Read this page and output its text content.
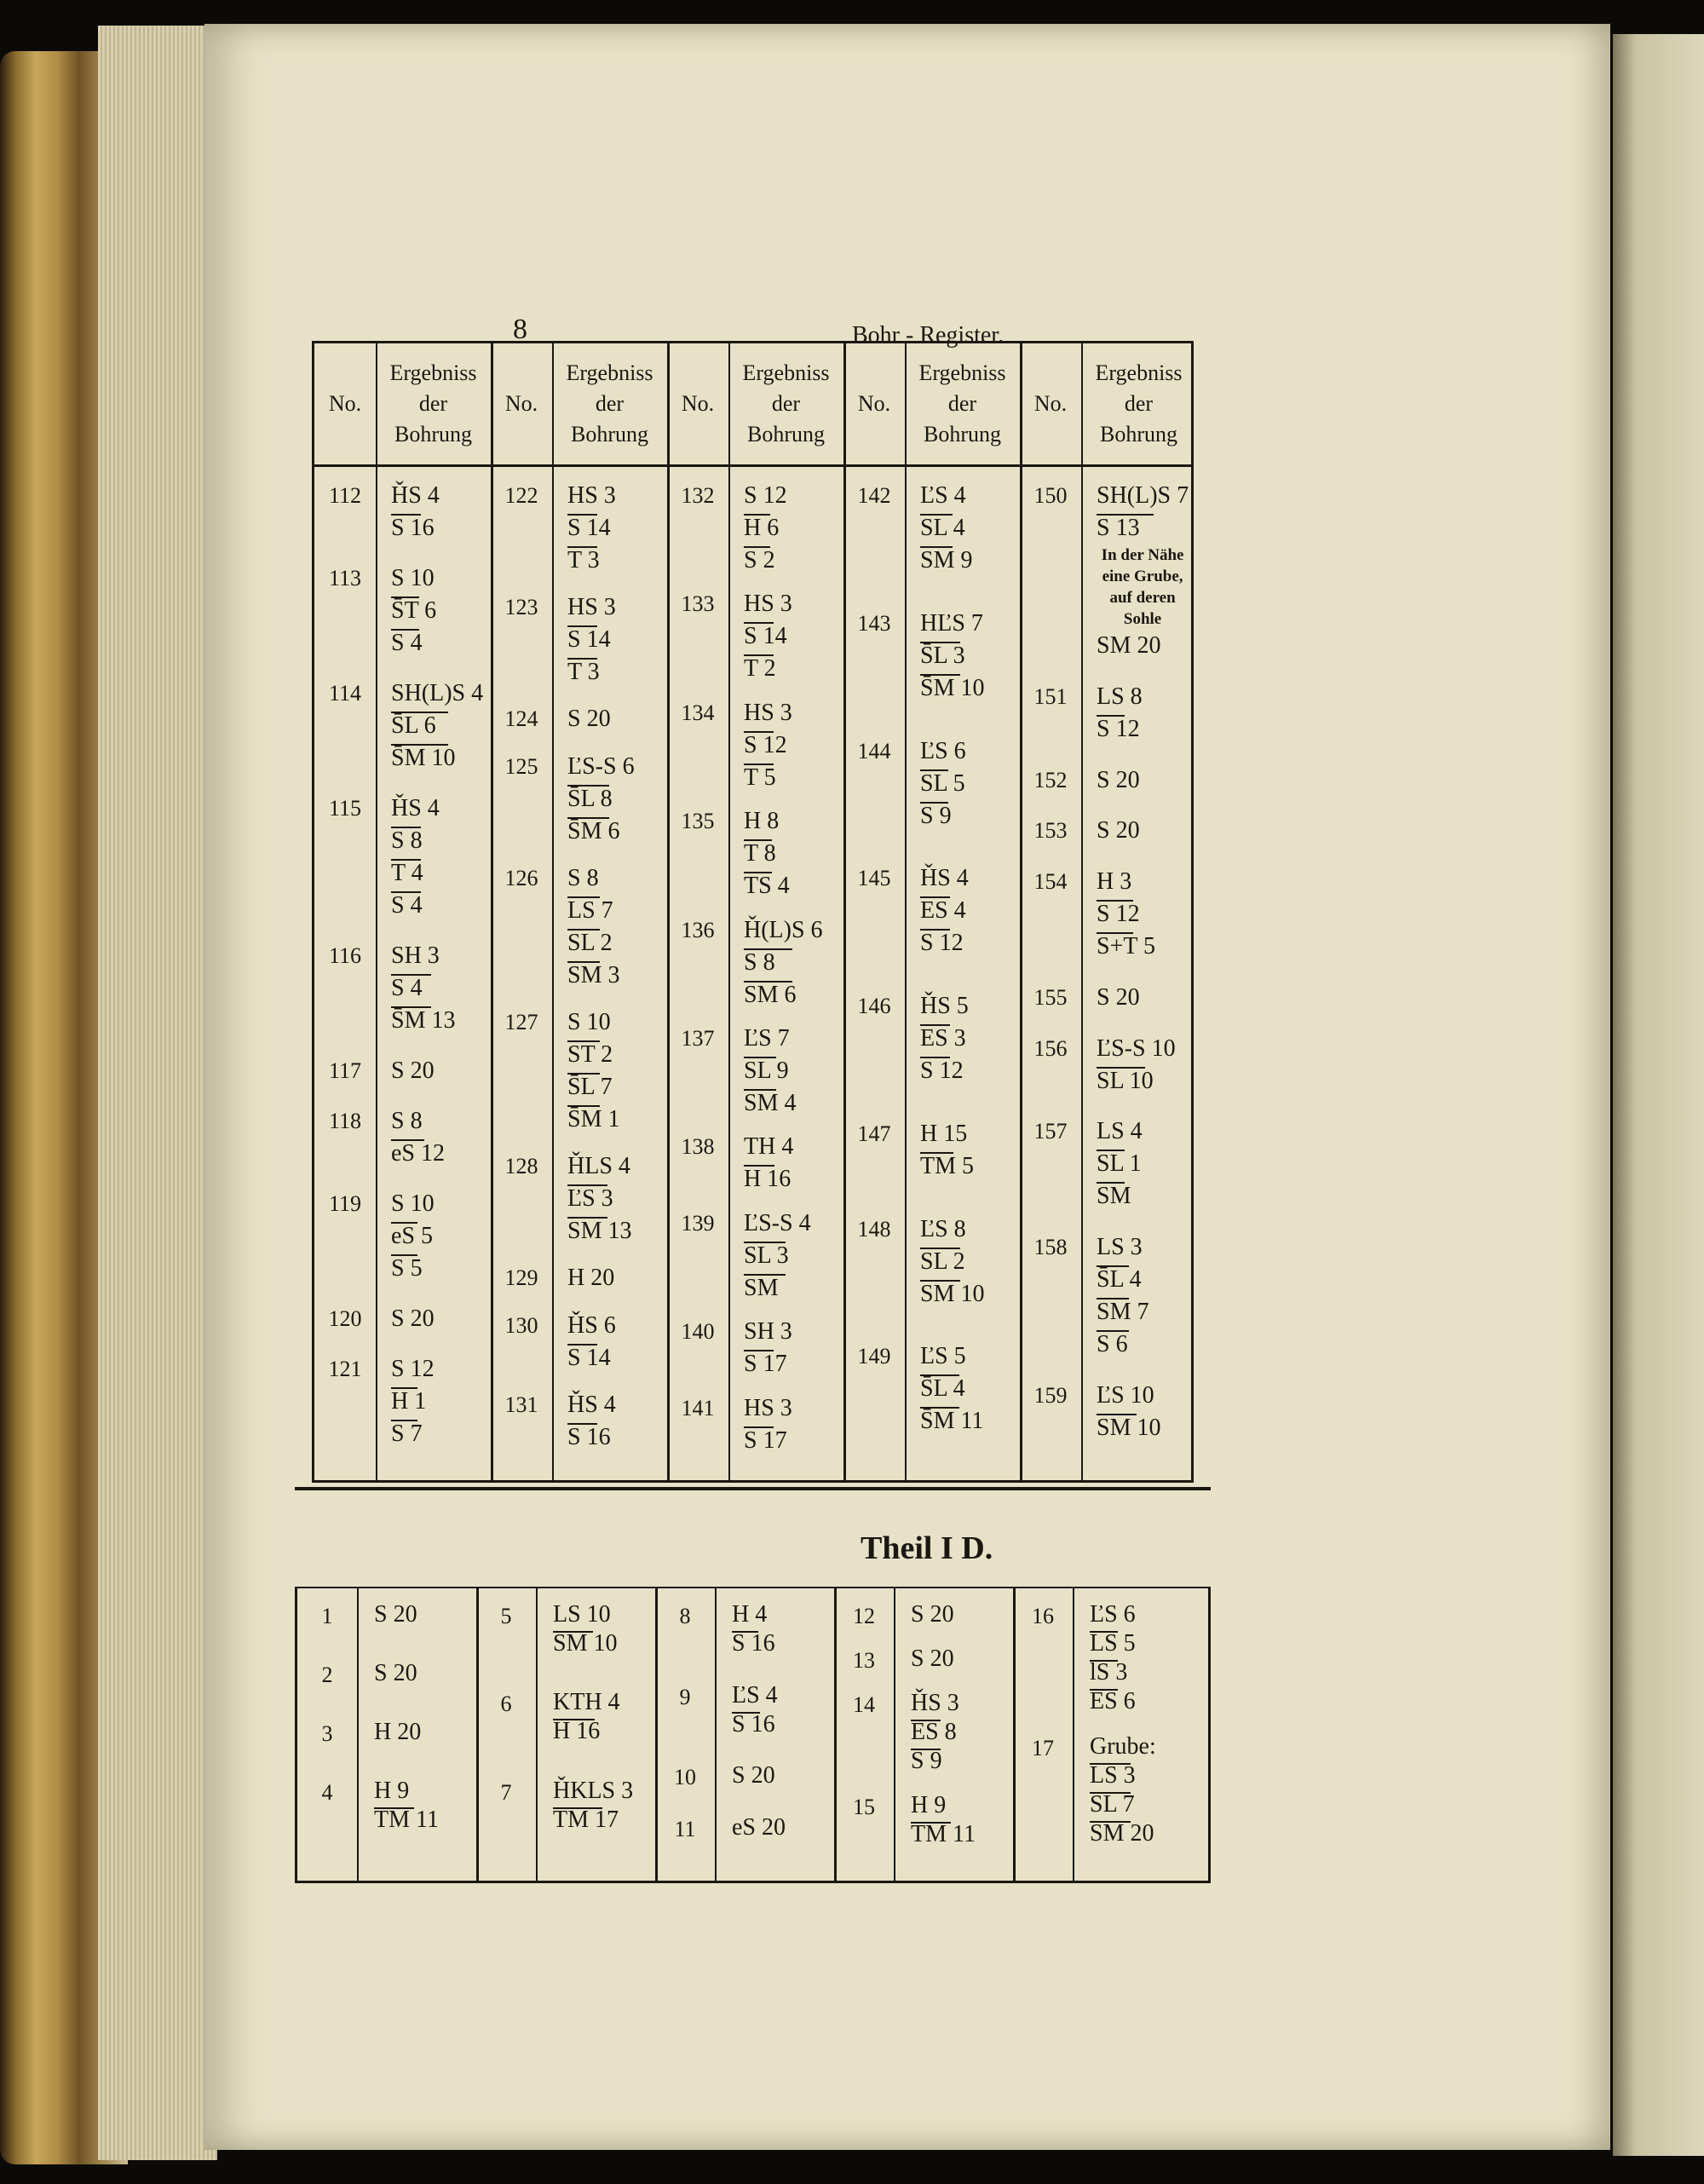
8	Bohr - Register.
No.
Ergebniss
der
Bohrung
No.
Ergebniss
der
Bohrung
No.
Ergebniss
der
Bohrung
No.
Ergebniss
der
Bohrung
No.
Ergebniss
der
Bohrung
112	ȞS 4
S 16
113	S 10
S̄T 6
S 4
114	SH(L)S 4
S̄L 6
S̄M 10
115	ȞS 4
S 8
T 4
S 4
116	SH 3
S 4
S̄M 13
117	S 20
118	S 8
eS 12
119	S 10
eS 5
S 5
120	S 20
121	S 12
H 1
S 7
122	HS 3
S 14
T 3
123	HS 3
S 14
T 3
124	S 20
125	ĽS-S 6
S̄L 8
S̄M 6
126	S 8
LS 7
SL 2
SM 3
127	S 10
ST 2
S̄L 7
S̄M 1
128	ȞLS 4
ĽS 3
SM 13
129	H 20
130	ȞS 6
S 14
131	ȞS 4
S 16
132	S 12
H 6
S 2
133	HS 3
S 14
T 2
134	HS 3
S 12
T 5
135	H 8
T 8
TS 4
136	Ȟ(L)S 6
S 8
SM 6
137	ĽS 7
SL 9
SM 4
138	TH 4
H 16
139	ĽS-S 4
SL 3
SM
140	SH 3
S 17
141	HS 3
S 17
142	ĽS 4
SL 4
SM 9
143	HĽS 7
S̄L 3
S̄M 10
144	ĽS 6
SL 5
S 9
145	ȞS 4
ES 4
S 12
146	ȞS 5
ES 3
S 12
147	H 15
TM 5
148	ĽS 8
SL 2
SM 10
149	ĽS 5
S̄L 4
S̄M 11
150	SH(L)S 7
S 13
In der Nähe
eine Grube,
auf deren
Sohle
SM 20
151	LS 8
S 12
152	S 20
153	S 20
154	H 3
S 12
S+T 5
155	S 20
156	ĽS-S 10
SL 10
157	LS 4
SL 1
SM
158	LS 3
S̄L 4
SM 7
S 6
159	ĽS 10
SM 10
Theil I D.
1	S 20
2	S 20
3	H 20
4	H 9
TM 11
5	LS 10
SM 10
6	KTH 4
H 16
7	ȞKLS 3
TM 17
8	H 4
S 16
9	ĽS 4
S 16
10	S 20
11	eS 20
12	S 20
13	S 20
14	ȞS 3
ES 8
S 9
15	H 9
TM 11
16	ĽS 6
LS 5
lS 3
ES 6
17	Grube:
LS 3
S̄L 7
S̄M 20
